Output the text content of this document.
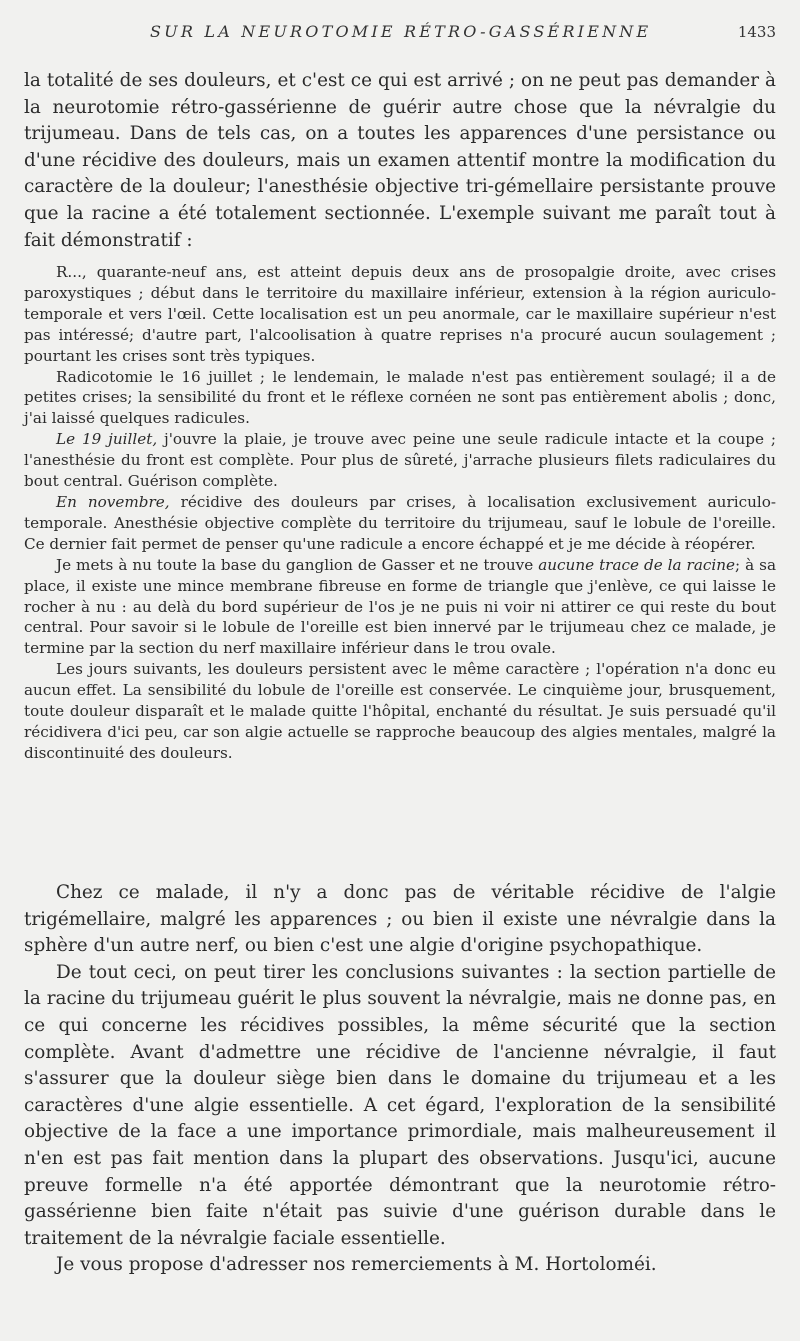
SUR LA NEUROTOMIE RÉTRO-GASSÉRIENNE	1433

la totalité de ses douleurs, et c'est ce qui est arrivé ; on ne peut pas demander à la neurotomie rétro-gassérienne de guérir autre chose que la névralgie du trijumeau. Dans de tels cas, on a toutes les apparences d'une persistance ou d'une récidive des douleurs, mais un examen attentif montre la modification du caractère de la douleur; l'anesthésie objective tri-gémellaire persistante prouve que la racine a été totalement sectionnée. L'exemple suivant me paraît tout à fait démonstratif :

R..., quarante-neuf ans, est atteint depuis deux ans de prosopalgie droite, avec crises paroxystiques ; début dans le territoire du maxillaire inférieur, extension à la région auriculo-temporale et vers l'œil. Cette localisation est un peu anormale, car le maxillaire supérieur n'est pas intéressé; d'autre part, l'alcoolisation à quatre reprises n'a procuré aucun soulagement ; pourtant les crises sont très typiques.

Radicotomie le 16 juillet ; le lendemain, le malade n'est pas entièrement soulagé; il a de petites crises; la sensibilité du front et le réflexe cornéen ne sont pas entièrement abolis ; donc, j'ai laissé quelques radicules.

Le 19 juillet, j'ouvre la plaie, je trouve avec peine une seule radicule intacte et la coupe ; l'anesthésie du front est complète. Pour plus de sûreté, j'arrache plusieurs filets radiculaires du bout central. Guérison complète.

En novembre, récidive des douleurs par crises, à localisation exclusivement auriculo-temporale. Anesthésie objective complète du territoire du trijumeau, sauf le lobule de l'oreille. Ce dernier fait permet de penser qu'une radicule a encore échappé et je me décide à réopérer.

Je mets à nu toute la base du ganglion de Gasser et ne trouve aucune trace de la racine; à sa place, il existe une mince membrane fibreuse en forme de triangle que j'enlève, ce qui laisse le rocher à nu : au delà du bord supérieur de l'os je ne puis ni voir ni attirer ce qui reste du bout central. Pour savoir si le lobule de l'oreille est bien innervé par le trijumeau chez ce malade, je termine par la section du nerf maxillaire inférieur dans le trou ovale.

Les jours suivants, les douleurs persistent avec le même caractère ; l'opération n'a donc eu aucun effet. La sensibilité du lobule de l'oreille est conservée. Le cinquième jour, brusquement, toute douleur disparaît et le malade quitte l'hôpital, enchanté du résultat. Je suis persuadé qu'il récidivera d'ici peu, car son algie actuelle se rapproche beaucoup des algies mentales, malgré la discontinuité des douleurs.

Chez ce malade, il n'y a donc pas de véritable récidive de l'algie trigémellaire, malgré les apparences ; ou bien il existe une névralgie dans la sphère d'un autre nerf, ou bien c'est une algie d'origine psychopathique.

De tout ceci, on peut tirer les conclusions suivantes : la section partielle de la racine du trijumeau guérit le plus souvent la névralgie, mais ne donne pas, en ce qui concerne les récidives possibles, la même sécurité que la section complète. Avant d'admettre une récidive de l'ancienne névralgie, il faut s'assurer que la douleur siège bien dans le domaine du trijumeau et a les caractères d'une algie essentielle. A cet égard, l'exploration de la sensibilité objective de la face a une importance primordiale, mais malheureusement il n'en est pas fait mention dans la plupart des observations. Jusqu'ici, aucune preuve formelle n'a été apportée démontrant que la neurotomie rétro-gassérienne bien faite n'était pas suivie d'une guérison durable dans le traitement de la névralgie faciale essentielle.

Je vous propose d'adresser nos remerciements à M. Hortoloméi.
